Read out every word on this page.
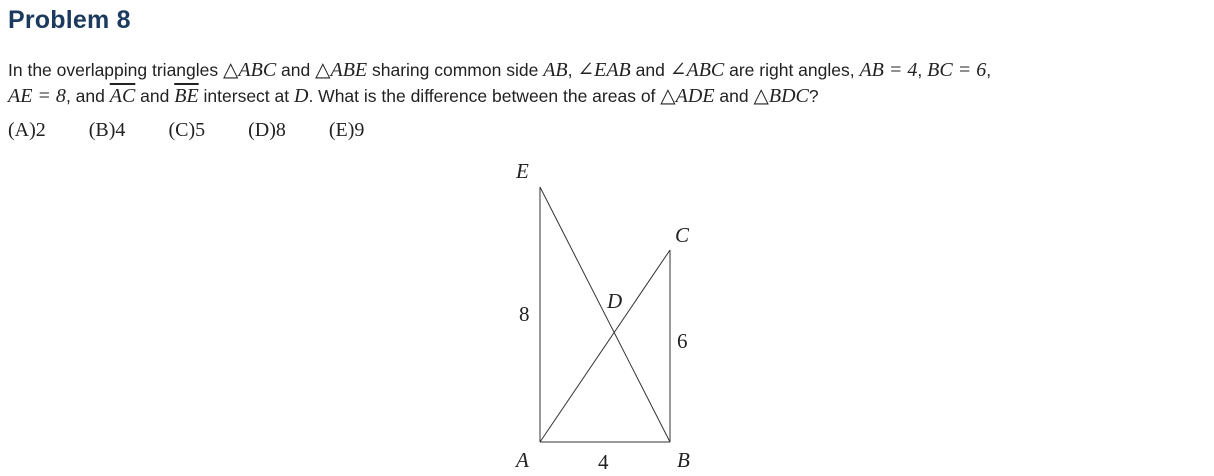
Problem 8
In the overlapping triangles △ABC and △ABE sharing common side AB, ∠EAB and ∠ABC are right angles, AB = 4, BC = 6,
AE = 8, and $\overline{AC}$ and $\overline{BE}$ intersect at D. What is the difference between the areas of △ADE and △BDC?
(A)2 (B)4 (C)5 (D)8 (E)9
E
C
D
A	B
8
6
4
